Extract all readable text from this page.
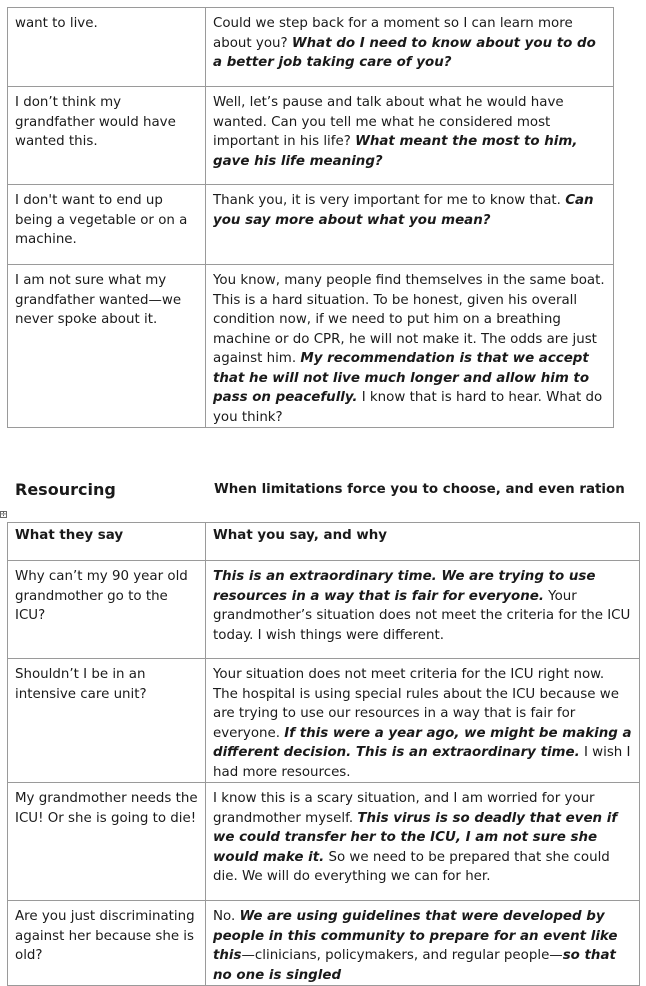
want to live.	Could we step back for a moment so I can learn more about you? What do I need to know about you to do a better job taking care of you?
I don’t think my grandfather would have wanted this.	Well, let’s pause and talk about what he would have wanted. Can you tell me what he considered most important in his life? What meant the most to him, gave his life meaning?
I don't want to end up being a vegetable or on a machine.	Thank you, it is very important for me to know that. Can you say more about what you mean?
I am not sure what my grandfather wanted—we never spoke about it.	You know, many people find themselves in the same boat. This is a hard situation. To be honest, given his overall condition now, if we need to put him on a breathing machine or do CPR, he will not make it. The odds are just against him. My recommendation is that we accept that he will not live much longer and allow him to pass on peacefully. I know that is hard to hear. What do you think?
Resourcing	When limitations force you to choose, and even ration
✢
What they say	What you say, and why
Why can’t my 90 year old grandmother go to the ICU?	This is an extraordinary time. We are trying to use resources in a way that is fair for everyone. Your grandmother’s situation does not meet the criteria for the ICU today. I wish things were different.
Shouldn’t I be in an intensive care unit?	Your situation does not meet criteria for the ICU right now. The hospital is using special rules about the ICU because we are trying to use our resources in a way that is fair for everyone. If this were a year ago, we might be making a different decision. This is an extraordinary time. I wish I had more resources.
My grandmother needs the ICU! Or she is going to die!	I know this is a scary situation, and I am worried for your grandmother myself. This virus is so deadly that even if we could transfer her to the ICU, I am not sure she would make it. So we need to be prepared that she could die. We will do everything we can for her.
Are you just discriminating against her because she is old?	No. We are using guidelines that were developed by people in this community to prepare for an event like this—clinicians, policymakers, and regular people—so that no one is singled
